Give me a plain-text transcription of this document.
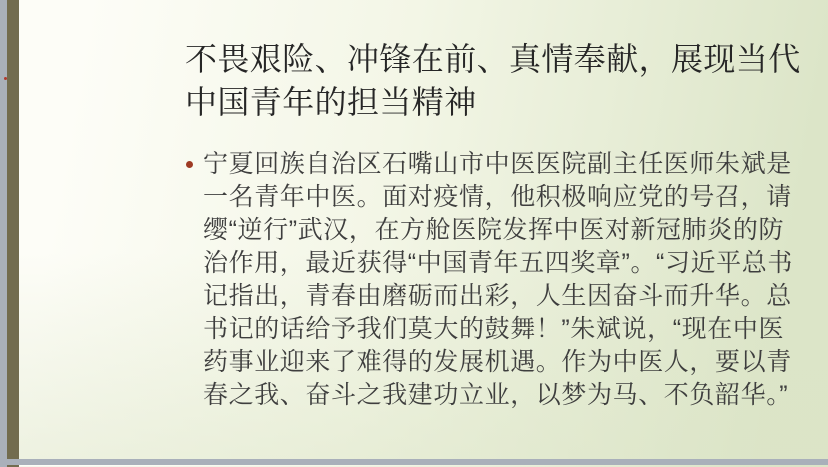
不畏艰险、冲锋在前、真情奉献，展现当代
中国青年的担当精神
宁夏回族自治区石嘴山市中医医院副主任医师朱斌是
一名青年中医。面对疫情，他积极响应党的号召，请
缨“逆行”武汉，在方舱医院发挥中医对新冠肺炎的防
治作用，最近获得“中国青年五四奖章”。“习近平总书
记指出，青春由磨砺而出彩，人生因奋斗而升华。总
书记的话给予我们莫大的鼓舞！”朱斌说，“现在中医
药事业迎来了难得的发展机遇。作为中医人，要以青
春之我、奋斗之我建功立业，以梦为马、不负韶华。”
